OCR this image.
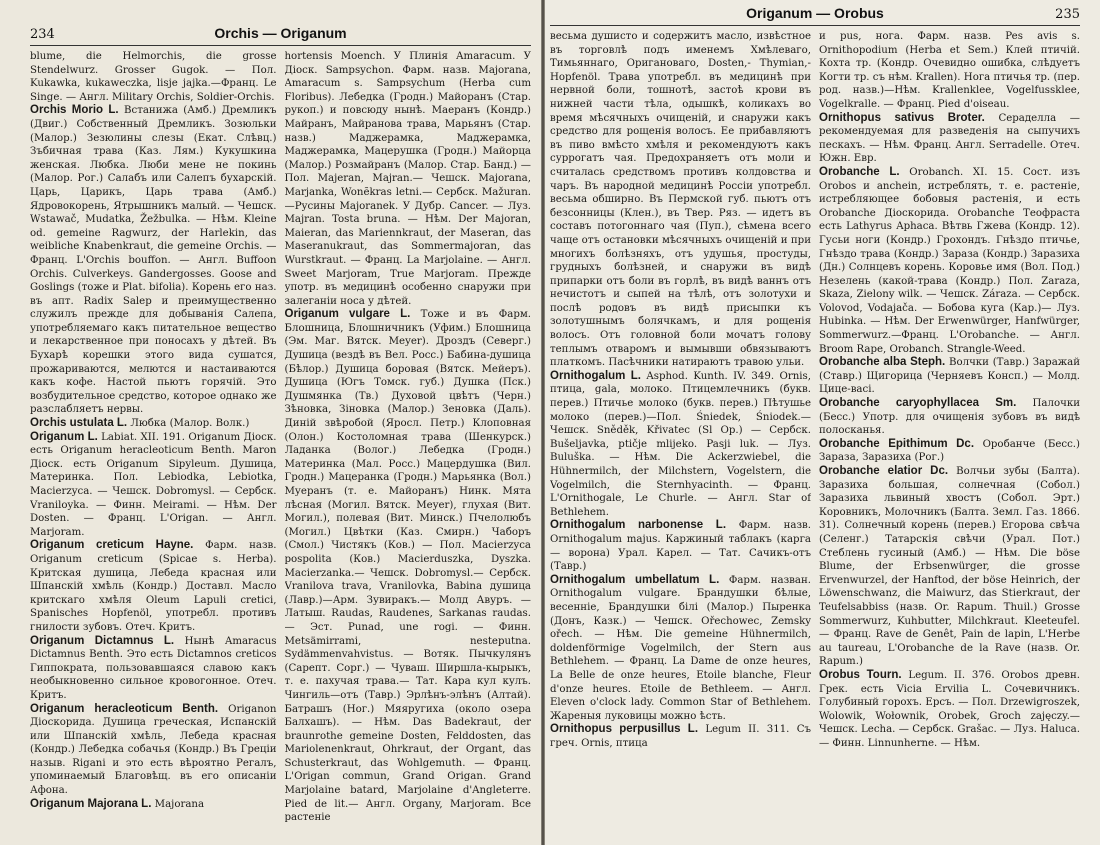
234	Orchis — Origanum

blume, die Helmorchis, die grosse Stendelwurz. Grosser Gugok. — Пол. Kukawka, kukaweczka, lisje jajka.—Франц. Le Singe. — Англ. Military Orchis, Soldier-Orchis.

Orchis Morio L. Встанижа (Амб.) Дремликъ (Двиг.) Собственный Дремликъ. Зозюльки (Малор.) Зезюлины слезы (Екат. Слѣвц.) Зъбичная трава (Каз. Лям.) Кукушкина женская. Любка. Люби мене не покинь (Малор. Рог.) Салабъ или Салепъ бухарскій. Царь, Царикъ, Царь трава (Амб.) Ядровокорень, Ятрышникъ малый. — Чешск. Wstawač, Mudatka, Žežbulka. — Нѣм. Kleine od. gemeine Ragwurz, der Harlekin, das weibliche Knabenkraut, die gemeine Orchis. — Франц. L'Orchis bouffon. — Англ. Buffoon Orchis. Culverkeys. Gandergosses. Goose and Goslings (тоже и Plat. bifolia). Корень его наз. въ апт. Radix Salep и преимущественно служилъ прежде для добыванія Салепа, употребляемаго какъ питательное вещество и лекарственное при поносахъ у дѣтей. Въ Бухарѣ корешки этого вида сушатся, прожариваются, мелются и настаиваются какъ кофе. Настой пьютъ горячій. Это возбудительное средство, которое однако же разслабляетъ нервы.

Orchis ustulata L. Любка (Малор. Волк.)

Origanum L. Labiat. XII. 191. Origanum Діоск. есть Origanum heracleoticum Benth. Maron Діоск. есть Origanum Sipyleum. Душица, Материнка. Пол. Lebiodka, Lebiotka, Macierzyca. — Чешск. Dobromysl. — Сербск. Vraniloyka. — Финн. Meirami. — Нѣм. Der Dosten. — Франц. L'Origan. — Англ. Marjoram.

Origanum creticum Hayne. Фарм. назв. Origanum creticum (Spicae s. Herba). Критская душица, Лебеда красная или Шпанскій хмѣль (Кондр.) Доставл. Масло критскаго хмѣля Oleum Lapuli cretici, Spanisches Hopfenöl, употребл. противъ гнилости зубовъ. Отеч. Критъ.

Origanum Dictamnus L. Нынѣ Amaracus Dictamnus Benth. Это есть Dictamnos creticos Гиппократа, пользовавшаяся славою какъ необыкновенно сильное кровогонное. Отеч. Критъ.

Origanum heracleoticum Benth. Origanon Діоскорида. Душица греческая, Испанскій или Шпанскій хмѣль, Лебеда красная (Кондр.) Лебедка собачья (Кондр.) Въ Греціи назыв. Rigani и это есть вѣроятно Регалъ, упоминаемый Благовѣщ. въ его описаніи Афона.

Origanum Majorana L. Majorana

hortensis Moench. У Плинія Amaracum. У Діоск. Sampsychon. Фарм. назв. Majorana, Amaracum s. Sampsychum (Herba cum Floribus). Лебедка (Гродн.) Майоранъ (Стар. рукоп.) и повсюду нынѣ. Маеранъ (Кондр.) Майранъ, Майранова трава, Марьянъ (Стар. назв.) Маджерамка, Маджерамка, Маджерамка, Мацерушка (Гродн.) Майорца (Малор.) Розмайранъ (Малор. Стар. Банд.) — Пол. Majeran, Majran.— Чешск. Majorana, Marjanka, Wonẽkras letni.— Сербск. Mažuran.—Русины Majoranek. У Дубр. Cancer. — Луз. Majran. Tosta bruna. — Нѣм. Der Majoran, Maieran, das Mariennkraut, der Maseran, das Maseranukraut, das Sommermajoran, das Wurstkraut. — Франц. La Marjolaine. — Англ. Sweet Marjoram, True Marjoram. Прежде употр. въ медицинѣ особенно снаружи при залеганіи носа у дѣтей.

Origanum vulgare L. Тоже и въ Фарм. Блошница, Блошничникъ (Уфим.) Блошница (Эм. Маг. Вятск. Meyer). Дроздъ (Северг.) Душица (вездѣ въ Вел. Росс.) Бабина-душица (Бѣлор.) Душица боровая (Вятск. Мейеръ). Душица (Югъ Томск. губ.) Душка (Пск.) Душмянка (Тв.) Духовой цвѣтъ (Черн.) Зѣновка, Зіновка (Малор.) Зеновка (Даль). Диній звѣробой (Яросл. Петр.) Клоповная (Олон.) Костоломная трава (Шенкурск.) Ладанка (Волог.) Лебедка (Гродн.) Материнка (Мал. Росс.) Мацердушка (Вил. Гродн.) Мацеранка (Гродн.) Марьянка (Вол.) Муеранъ (т. е. Майоранъ) Нинк. Мята лѣсная (Могил. Вятск. Meyer), глухая (Вит. Могил.), полевая (Вит. Минск.) Пчелолюбъ (Могил.) Цвѣтки (Каз. Смирн.) Чаборъ (Смол.) Чистякъ (Ков.) — Пол. Macierzyca pospolita (Ков.) Macierduszka, Dyszka. Macierzanka.— Чешск. Dobromysl.— Сербск. Vranilova trava, Vranilovka, Babina душица (Лавр.)—Арм. Зувиракъ.— Молд Авуръ. — Латыш. Raudas, Raudenes, Sarkanas raudas. — Эст. Punad, une rogi. — Финн. Metsämirrami, nesteputna. Sydämmenvahvistus. — Вотяк. Пычкулянъ (Сарепт. Сорг.) — Чуваш. Ширшла-кырыкъ, т. е. пахучая трава.— Тат. Кара кул кулъ. Чингиль—отъ (Тавр.) Эрлѣнъ-элѣнъ (Алтай). Батрашъ (Ног.) Мяяругиха (около озера Балхашъ). — Нѣм. Das Badekraut, der braunrothe gemeine Dosten, Felddosten, das Mariolenenkraut, Ohrkraut, der Organt, das Schusterkraut, das Wohlgemuth. — Франц. L'Origan commun, Grand Origan. Grand Marjolaine batard, Marjolaine d'Angleterre. Pied de lit.— Англ. Organy, Marjoram. Все растеніе

Origanum — Orobus	235

весьма душисто и содержитъ масло, извѣстное въ торговлѣ подъ именемъ Хмѣлеваго, Тимьяннаго, Оригановаго, Dosten,- Thymian,- Hopfenöl. Трава употребл. въ медицинѣ при нервной боли, тошнотѣ, застоѣ крови въ нижней части тѣла, одышкѣ, коликахъ во время мѣсячныхъ очищеній, и снаружи какъ средство для рощенія волосъ. Ее прибавляютъ въ пиво вмѣсто хмѣля и рекомендуютъ какъ суррогатъ чая. Предохраняетъ отъ моли и считалась средствомъ противъ колдовства и чаръ. Въ народной медицинѣ Россіи употребл. весьма обширно. Въ Пермской губ. пьютъ отъ безсонницы (Клен.), въ Твер. Ряз. — идетъ въ составъ потогоннаго чая (Пуп.), сѣмена всего чаще отъ остановки мѣсячныхъ очищеній и при многихъ болѣзняхъ, отъ удушья, простуды, грудныхъ болѣзней, и снаружи въ видѣ припарки отъ боли въ горлѣ, въ видѣ ваннъ отъ нечистотъ и сыпей на тѣлѣ, отъ золотухи и послѣ родовъ въ видѣ присыпки къ золотушнымъ болячкамъ, и для рощенія волосъ. Отъ головной боли мочатъ голову теплымъ отваромъ и вымывши обвязываютъ платкомъ. Пасѣчники натираютъ травою ульи.

Ornithogalum L. Asphod. Kunth. IV. 349. Ornis, птица, gala, молоко. Птицемлечникъ (букв. перев.) Птичье молоко (букв. перев.) Пѣтушье молоко (перев.)—Пол. Śniedek, Śniodek.— Чешск. Sněděk, Křivatec (Sl Op.) — Сербск. Bušeljavka, ptičje mlijeko. Pasji luk. — Луз. Buluška. — Нѣм. Die Ackerzwiebel, die Hühnermilch, der Milchstern, Vogelstern, die Vogelmilch, die Sternhyacinth. — Франц. L'Ornithogale, Le Churle. — Англ. Star of Bethlehem.

Ornithogalum narbonense L. Фарм. назв. Ornithogalum majus. Каржиный таблакъ (карга — ворона) Урал. Карел. — Тат. Сачикъ-отъ (Тавр.)

Ornithogalum umbellatum L. Фарм. назван. Ornithogalum vulgare. Брандушки бѣлые, весенніе, Брандушки білі (Малор.) Пыренка (Донъ, Казк.) — Чешск. Ořechowec, Zemsky ořech. — Нѣм. Die gemeine Hühnermilch, doldenförmige Vogelmilch, der Stern aus Bethlehem. — Франц. La Dame de onze heures, La Belle de onze heures, Etoile blanche, Fleur d'onze heures. Etoile de Bethleem. — Англ. Eleven o'clock lady. Common Star of Bethlehem. Жареныя луковицы можно ѣсть.

Ornithopus perpusillus L. Legum II. 311. Съ греч. Ornis, птица

и pus, нога. Фарм. назв. Pes avis s. Ornithopodium (Herba et Sem.) Клей птичій. Кохта тр. (Кондр. Очевидно ошибка, слѣдуетъ Когти тр. съ нѣм. Krallen). Нога птичья тр. (пер. род. назв.)—Нѣм. Krallenklee, Vogelfussklee, Vogelkralle. — Франц. Pied d'oiseau.

Ornithopus sativus Broter. Сераделла — рекомендуемая для разведенія на сыпучихъ пескахъ. — Нѣм. Франц. Англ. Serradelle. Отеч. Южн. Евр.

Orobanche L. Orobanch. XI. 15. Сост. изъ Orobos и anchein, истреблять, т. е. растеніе, истребляющее бобовыя растенія, и есть Orobanche Діоскорида. Orobanche Теофраста есть Lathyrus Aphaca. Вѣтвь Гжева (Кондр. 12). Гусьи ноги (Кондр.) Грохондъ. Гнѣздо птичье, Гнѣздо трава (Кондр.) Зараза (Кондр.) Заразиха (Дн.) Солнцевъ корень. Коровье имя (Вол. Под.) Незелень (какой-трава (Кондр.) Пол. Zaraza, Skaza, Zielony wilk. — Чешск. Záraza. — Сербск. Volovod, Vodajača. — Бобова куга (Кар.)— Луз. Hubinka. — Нѣм. Der Erwenwürger, Hanfwürger, Sommerwurz.—Франц. L'Orobanche. — Англ. Broom Rape, Orobanch. Strangle-Weed.

Orobanche alba Steph. Волчки (Тавр.) Заражай (Ставр.) Щигорица (Черняевъ Консп.) — Молд. Цице-васі.

Orobanche caryophyllacea Sm. Палочки (Бесс.) Употр. для очищенія зубовъ въ видѣ полосканья.

Orobanche Epithimum Dc. Оробанче (Бесс.) Зараза, Заразиха (Рог.)

Orobanche elatior Dc. Волчьи зубы (Балта). Заразиха большая, солнечная (Собол.) Заразиха львиный хвостъ (Собол. Эрт.) Коровникъ, Молочникъ (Балта. Земл. Газ. 1866. 31). Солнечный корень (перев.) Егорова свѣча (Селенг.) Татарскія свѣчи (Урал. Пот.) Стеблень гусиный (Амб.) — Нѣм. Die böse Blume, der Erbsenwürger, die grosse Ervenwurzel, der Hanftod, der böse Heinrich, der Löwenschwanz, die Maiwurz, das Stierkraut, der Teufelsabbiss (назв. Or. Rapum. Thuil.) Grosse Sommerwurz, Kuhbutter, Milchkraut. Kleeteufel. — Франц. Rave de Genêt, Pain de lapin, L'Herbe au taureau, L'Orobanche de la Rave (назв. Or. Rapum.)

Orobus Tourn. Legum. II. 376. Orobos древн. Грек. есть Vicia Ervilia L. Сочевичникъ. Голубиный горохъ. Ерсъ. — Пол. Drzewigroszek, Wolowik, Wołownik, Orobek, Groch zajęczy.— Чешск. Lecha. — Сербск. Grašac. — Луз. Haluca. — Финн. Linnunherne. — Нѣм.
